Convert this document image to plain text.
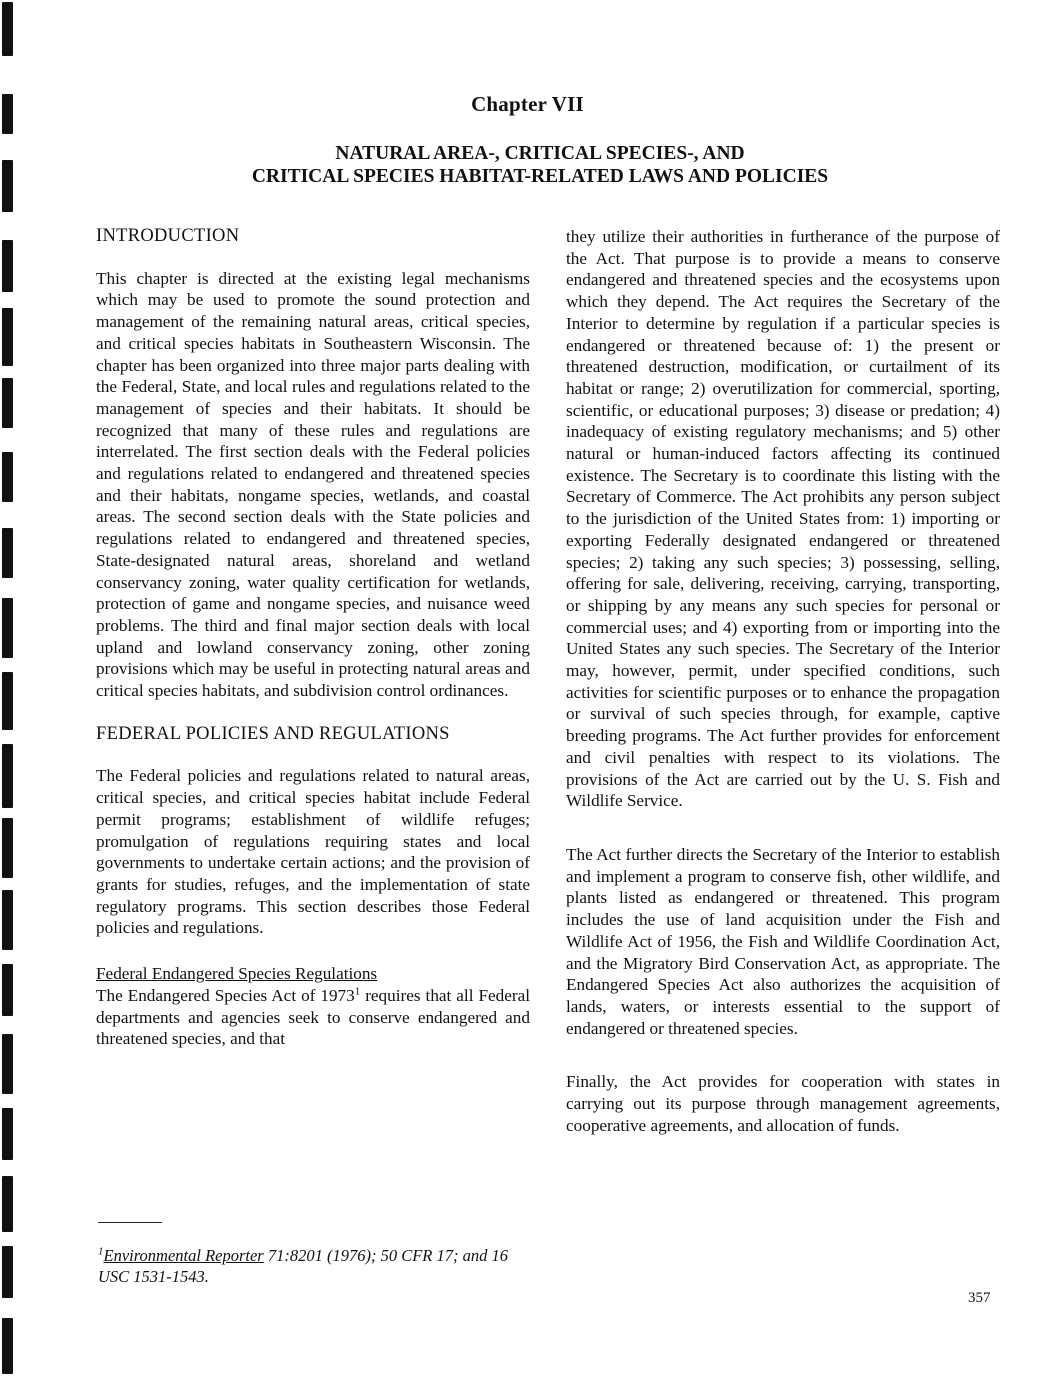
Chapter VII
NATURAL AREA-, CRITICAL SPECIES-, AND
CRITICAL SPECIES HABITAT-RELATED LAWS AND POLICIES

INTRODUCTION

This chapter is directed at the existing legal mechanisms which may be used to promote the sound protection and management of the remaining natural areas, critical species, and critical species habitats in Southeastern Wisconsin. The chapter has been organized into three major parts dealing with the Federal, State, and local rules and regulations related to the management of species and their habitats. It should be recognized that many of these rules and regulations are interrelated. The first section deals with the Federal policies and regulations related to endangered and threatened species and their habitats, nongame species, wetlands, and coastal areas. The second section deals with the State policies and regulations related to endangered and threatened species, State-designated natural areas, shoreland and wetland conservancy zoning, water quality certification for wetlands, protection of game and nongame species, and nuisance weed problems. The third and final major section deals with local upland and lowland conservancy zoning, other zoning provisions which may be useful in protecting natural areas and critical species habitats, and subdivision control ordinances.

FEDERAL POLICIES AND REGULATIONS

The Federal policies and regulations related to natural areas, critical species, and critical species habitat include Federal permit programs; establishment of wildlife refuges; promulgation of regulations requiring states and local governments to undertake certain actions; and the provision of grants for studies, refuges, and the implementation of state regulatory programs. This section describes those Federal policies and regulations.

Federal Endangered Species Regulations

The Endangered Species Act of 1973$^1$ requires that all Federal departments and agencies seek to conserve endangered and threatened species, and that

they utilize their authorities in furtherance of the purpose of the Act. That purpose is to provide a means to conserve endangered and threatened species and the ecosystems upon which they depend. The Act requires the Secretary of the Interior to determine by regulation if a particular species is endangered or threatened because of: 1) the present or threatened destruction, modification, or curtailment of its habitat or range; 2) overutilization for commercial, sporting, scientific, or educational purposes; 3) disease or predation; 4) inadequacy of existing regulatory mechanisms; and 5) other natural or human-induced factors affecting its continued existence. The Secretary is to coordinate this listing with the Secretary of Commerce. The Act prohibits any person subject to the jurisdiction of the United States from: 1) importing or exporting Federally designated endangered or threatened species; 2) taking any such species; 3) possessing, selling, offering for sale, delivering, receiving, carrying, transporting, or shipping by any means any such species for personal or commercial uses; and 4) exporting from or importing into the United States any such species. The Secretary of the Interior may, however, permit, under specified conditions, such activities for scientific purposes or to enhance the propagation or survival of such species through, for example, captive breeding programs. The Act further provides for enforcement and civil penalties with respect to its violations. The provisions of the Act are carried out by the U. S. Fish and Wildlife Service.

The Act further directs the Secretary of the Interior to establish and implement a program to conserve fish, other wildlife, and plants listed as endangered or threatened. This program includes the use of land acquisition under the Fish and Wildlife Act of 1956, the Fish and Wildlife Coordination Act, and the Migratory Bird Conservation Act, as appropriate. The Endangered Species Act also authorizes the acquisition of lands, waters, or interests essential to the support of endangered or threatened species.

Finally, the Act provides for cooperation with states in carrying out its purpose through management agreements, cooperative agreements, and allocation of funds.

$^1$Environmental Reporter 71:8201 (1976); 50 CFR 17; and 16 USC 1531-1543.
357
